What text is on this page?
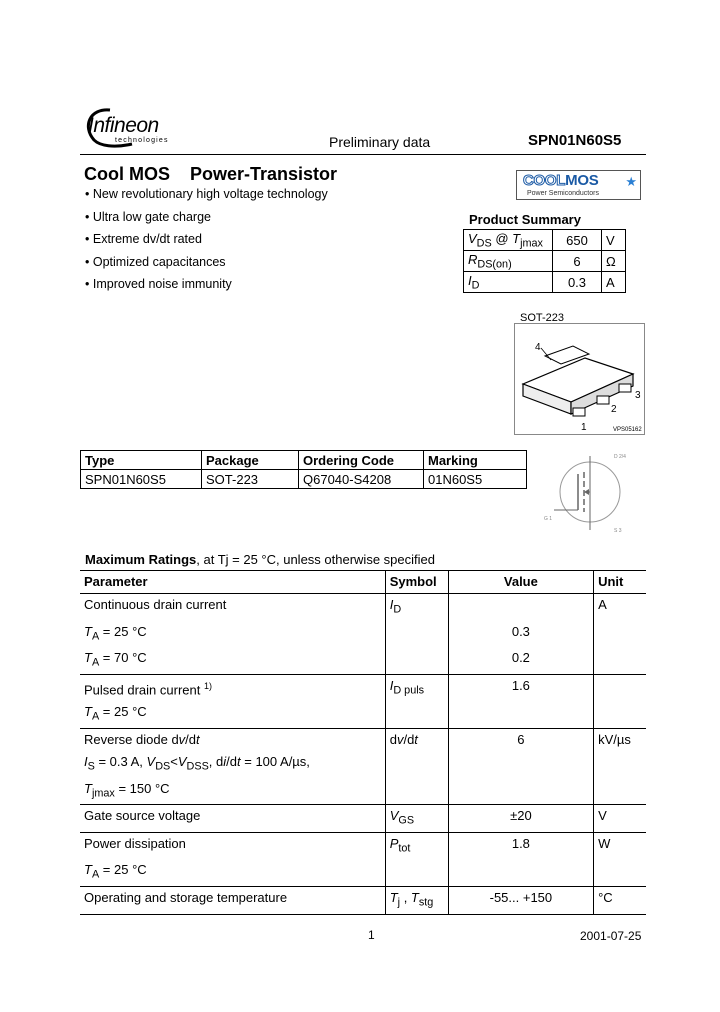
Infineon
technologies	Preliminary data	SPN01N60S5
Cool MOS    Power-Transistor
• New revolutionary high voltage technology
• Ultra low gate charge
• Extreme dv/dt rated
• Optimized capacitances
• Improved noise immunity
COOLMOS ★
Power Semiconductors
Product Summary
$V_{DS}$ @ $T_{jmax}$	650	V
$R_{DS(on)}$	6	Ω
$I_D$	0.3	A
SOT-223
4
3
2
1	VPS05162
Type	Package	Ordering Code	Marking
SPN01N60S5	SOT-223	Q67040-S4208	01N60S5
D 2/4
G 1
S 3
Maximum Ratings, at Tj = 25 °C, unless otherwise specified
Parameter	Symbol	Value	Unit
Continuous drain current	$I_D$		A
$T_A = 25$ °C		0.3	
$T_A = 70$ °C		0.2	
Pulsed drain current $^{1)}$	$I_{D puls}$	1.6	
$T_A = 25$ °C			
Reverse diode dv/dt	dv/dt	6	kV/µs
$I_S = 0.3$ A, $V_{DS}<V_{DSS}$, di/dt = 100 A/µs,			
$T_{jmax} = 150$ °C			
Gate source voltage	$V_{GS}$	±20	V
Power dissipation	$P_{tot}$	1.8	W
$T_A = 25$ °C			
Operating and storage temperature	$T_j$ , $T_{stg}$	-55... +150	°C
1	2001-07-25
